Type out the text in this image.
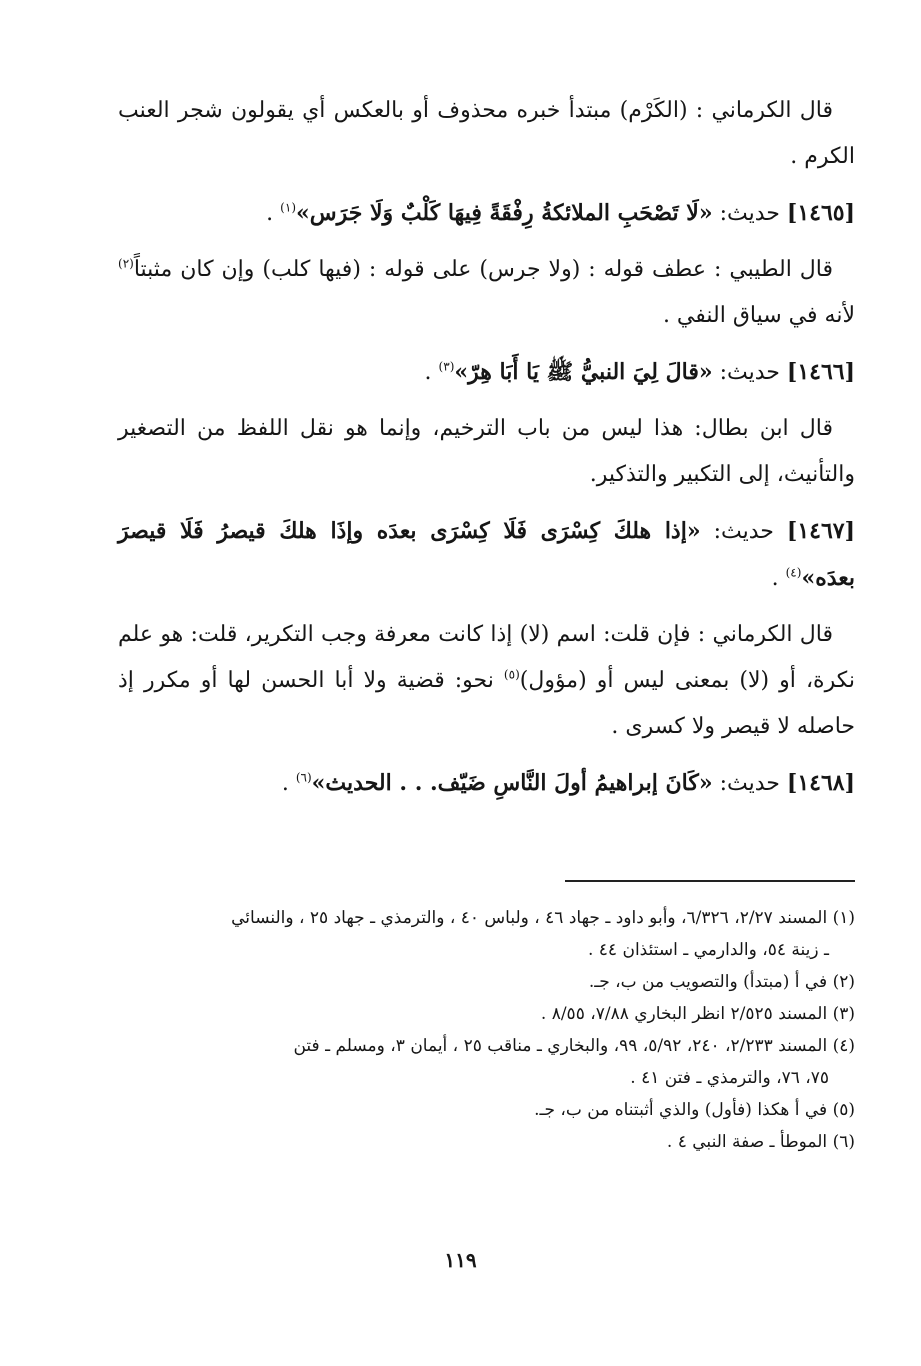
قال الكرماني : (الكَرْم) مبتدأ خبره محذوف أو بالعكس أي يقولون شجر العنب الكرم .

[١٤٦٥] حديث: «لَا تَصْحَبِ الملائكةُ رِفْقَةً فِيهَا كَلْبٌ وَلَا جَرَس»$^{(١)}$ .

قال الطيبي : عطف قوله : (ولا جرس) على قوله : (فيها كلب) وإن كان مثبتاً$^{(٢)}$ لأنه في سياق النفي .

[١٤٦٦] حديث: «قالَ لِيَ النبيُّ ﷺ يَا أَبَا هِرّ»$^{(٣)}$ .

قال ابن بطال: هذا ليس من باب الترخيم، وإنما هو نقل اللفظ من التصغير والتأنيث، إلى التكبير والتذكير.

[١٤٦٧] حديث: «إذا هلكَ كِسْرَى فَلَا كِسْرَى بعدَه وإذَا هلكَ قيصرُ فَلَا قيصرَ بعدَه»$^{(٤)}$ .

قال الكرماني : فإن قلت: اسم (لا) إذا كانت معرفة وجب التكرير، قلت: هو علم نكرة، أو (لا) بمعنى ليس أو (مؤول)$^{(٥)}$ نحو: قضية ولا أبا الحسن لها أو مكرر إذ حاصله لا قيصر ولا كسرى .

[١٤٦٨] حديث: «كَانَ إبراهيمُ أولَ النَّاسِ ضَيّف. . . الحديث»$^{(٦)}$ .

(١) المسند ٢/٢٧، ٦/٣٢٦، وأبو داود ـ جهاد ٤٦ ، ولباس ٤٠ ، والترمذي ـ جهاد ٢٥ ، والنسائي
ـ زينة ٥٤، والدارمي ـ استئذان ٤٤ .

(٢) في أ (مبتدأ) والتصويب من ب، جـ.

(٣) المسند ٢/٥٢٥ انظر البخاري ٧/٨٨، ٨/٥٥ .

(٤) المسند ٢/٢٣٣، ٢٤٠، ٥/٩٢، ٩٩، والبخاري ـ مناقب ٢٥ ، أيمان ٣، ومسلم ـ فتن
٧٥، ٧٦، والترمذي ـ فتن ٤١ .

(٥) في أ هكذا (فأول) والذي أثبتناه من ب، جـ.

(٦) الموطأ ـ صفة النبي ٤ .

١١٩
